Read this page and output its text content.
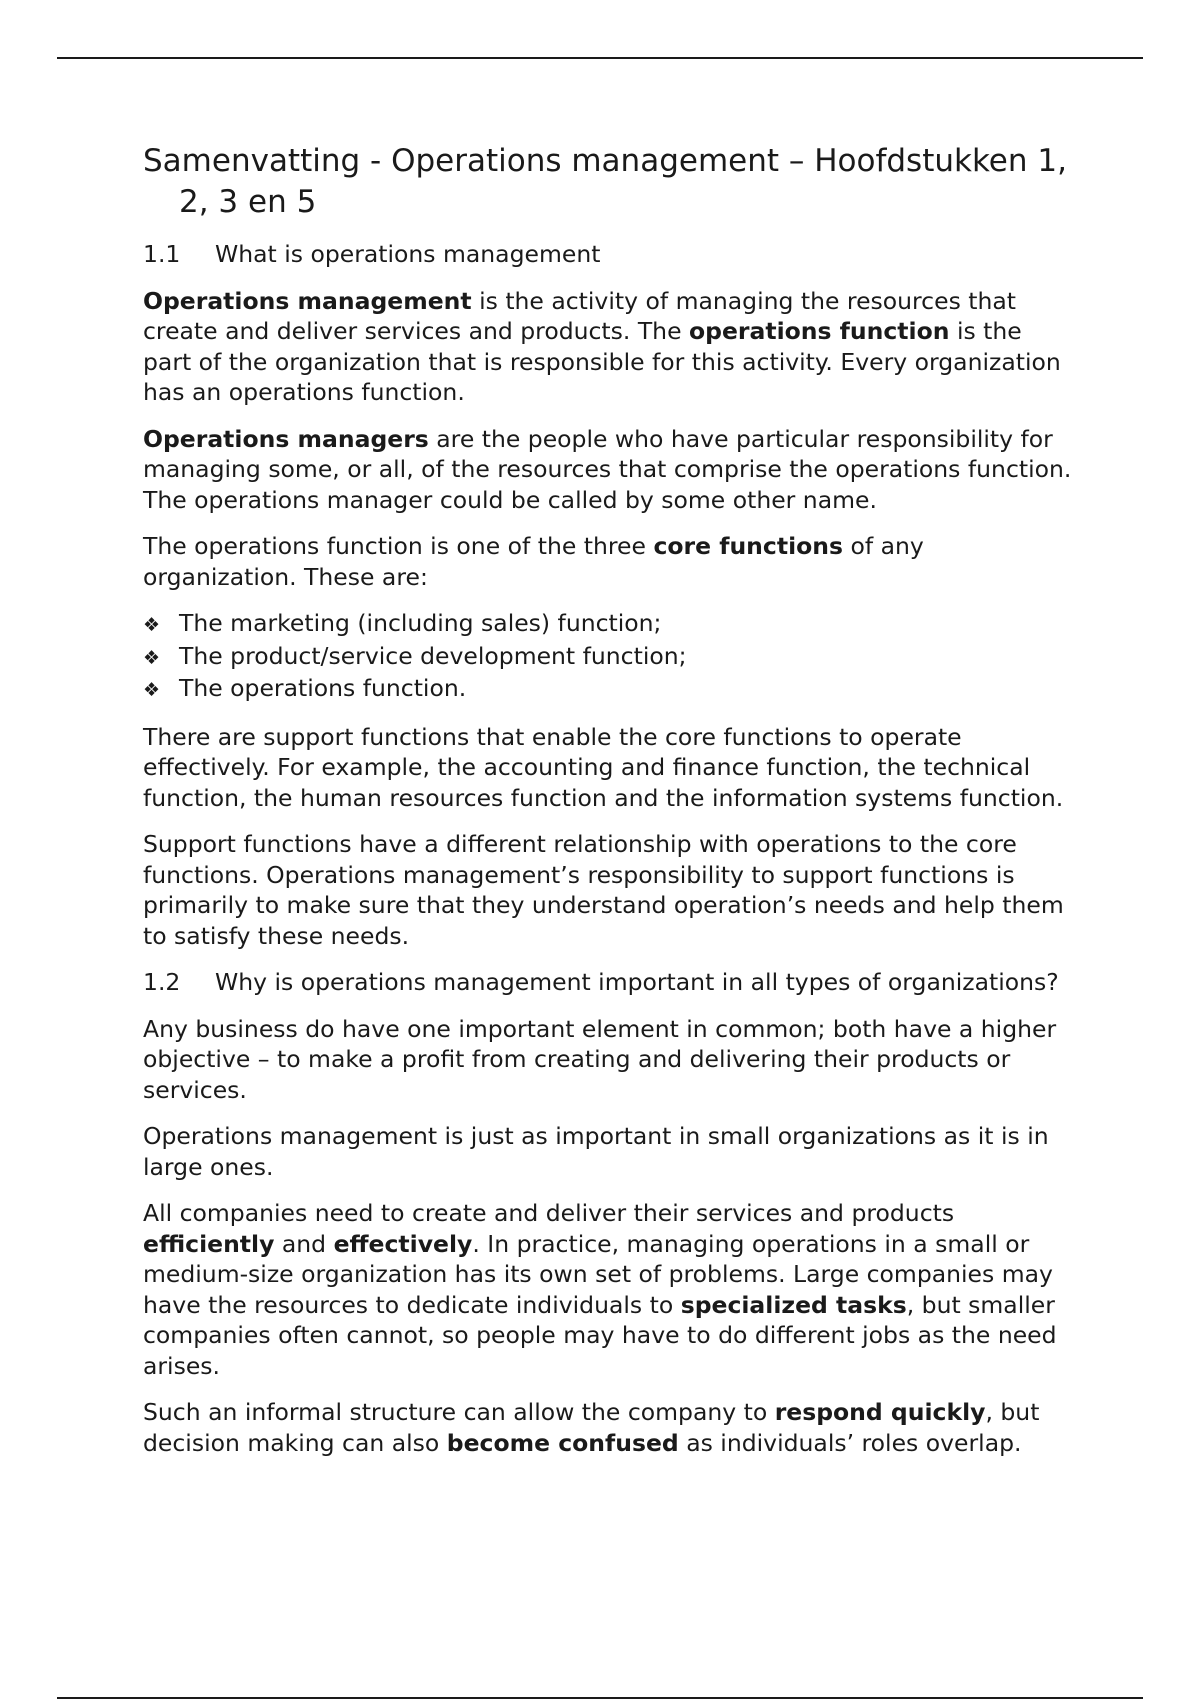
Samenvatting - Operations management – Hoofdstukken 1, 2, 3 en 5
1.1 What is operations management

Operations management is the activity of managing the resources that create and deliver services and products. The operations function is the part of the organization that is responsible for this activity. Every organization has an operations function.

Operations managers are the people who have particular responsibility for managing some, or all, of the resources that comprise the operations function. The operations manager could be called by some other name.

The operations function is one of the three core functions of any organization. These are:

❖ The marketing (including sales) function;
❖ The product/service development function;
❖ The operations function.

There are support functions that enable the core functions to operate effectively. For example, the accounting and finance function, the technical function, the human resources function and the information systems function.

Support functions have a different relationship with operations to the core functions. Operations management’s responsibility to support functions is primarily to make sure that they understand operation’s needs and help them to satisfy these needs.

1.2 Why is operations management important in all types of organizations?

Any business do have one important element in common; both have a higher objective – to make a profit from creating and delivering their products or services.

Operations management is just as important in small organizations as it is in large ones.

All companies need to create and deliver their services and products efficiently and effectively. In practice, managing operations in a small or medium-size organization has its own set of problems. Large companies may have the resources to dedicate individuals to specialized tasks, but smaller companies often cannot, so people may have to do different jobs as the need arises.

Such an informal structure can allow the company to respond quickly, but decision making can also become confused as individuals’ roles overlap.
